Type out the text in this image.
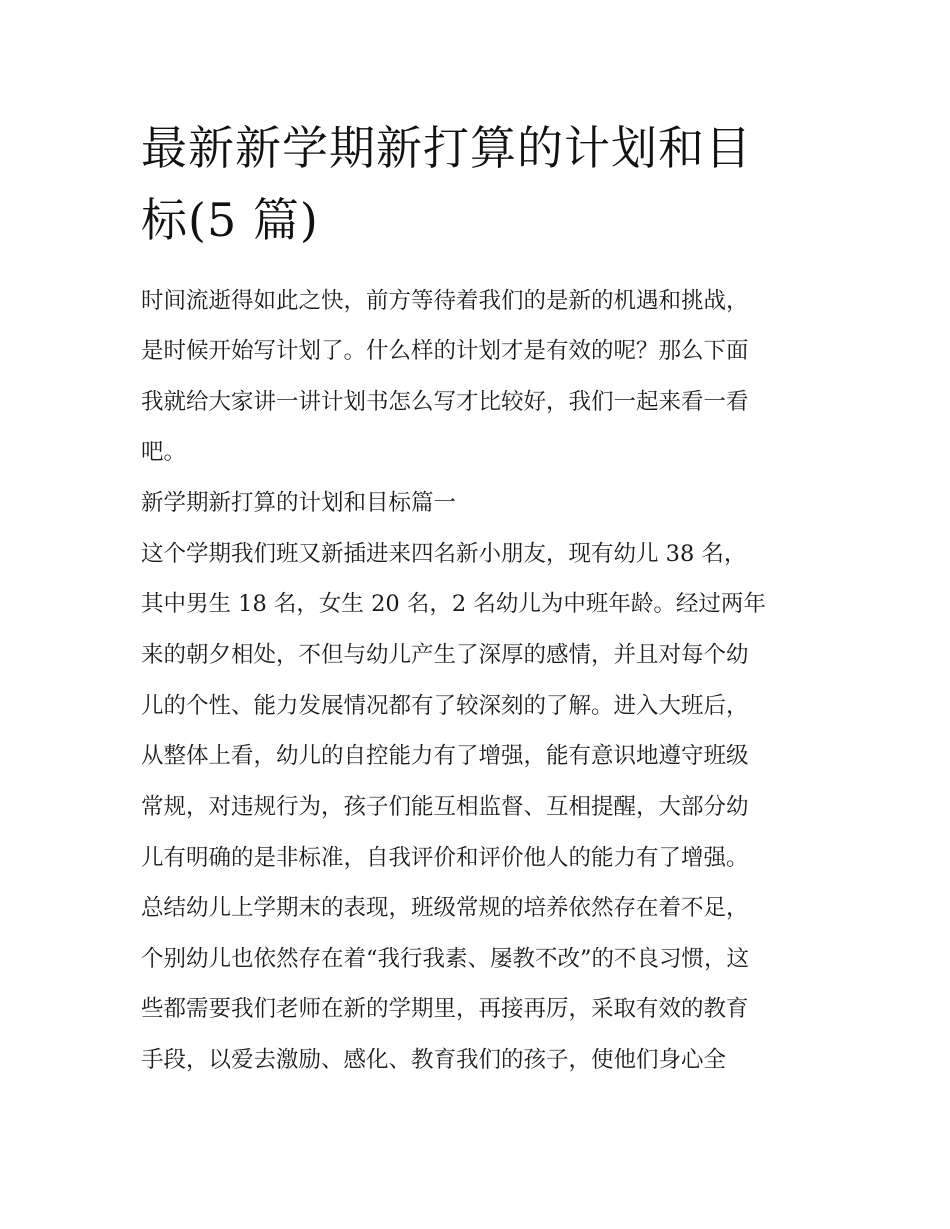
最新新学期新打算的计划和目
标(5 篇)

时间流逝得如此之快，前方等待着我们的是新的机遇和挑战，

是时候开始写计划了。什么样的计划才是有效的呢？那么下面

我就给大家讲一讲计划书怎么写才比较好，我们一起来看一看

吧。

新学期新打算的计划和目标篇一

这个学期我们班又新插进来四名新小朋友，现有幼儿 38 名，

其中男生 18 名，女生 20 名，2 名幼儿为中班年龄。经过两年

来的朝夕相处，不但与幼儿产生了深厚的感情，并且对每个幼

儿的个性、能力发展情况都有了较深刻的了解。进入大班后，

从整体上看，幼儿的自控能力有了增强，能有意识地遵守班级

常规，对违规行为，孩子们能互相监督、互相提醒，大部分幼

儿有明确的是非标准，自我评价和评价他人的能力有了增强。

总结幼儿上学期末的表现，班级常规的培养依然存在着不足，

个别幼儿也依然存在着“我行我素、屡教不改”的不良习惯，这

些都需要我们老师在新的学期里，再接再厉，采取有效的教育

手段，以爱去激励、感化、教育我们的孩子，使他们身心全
